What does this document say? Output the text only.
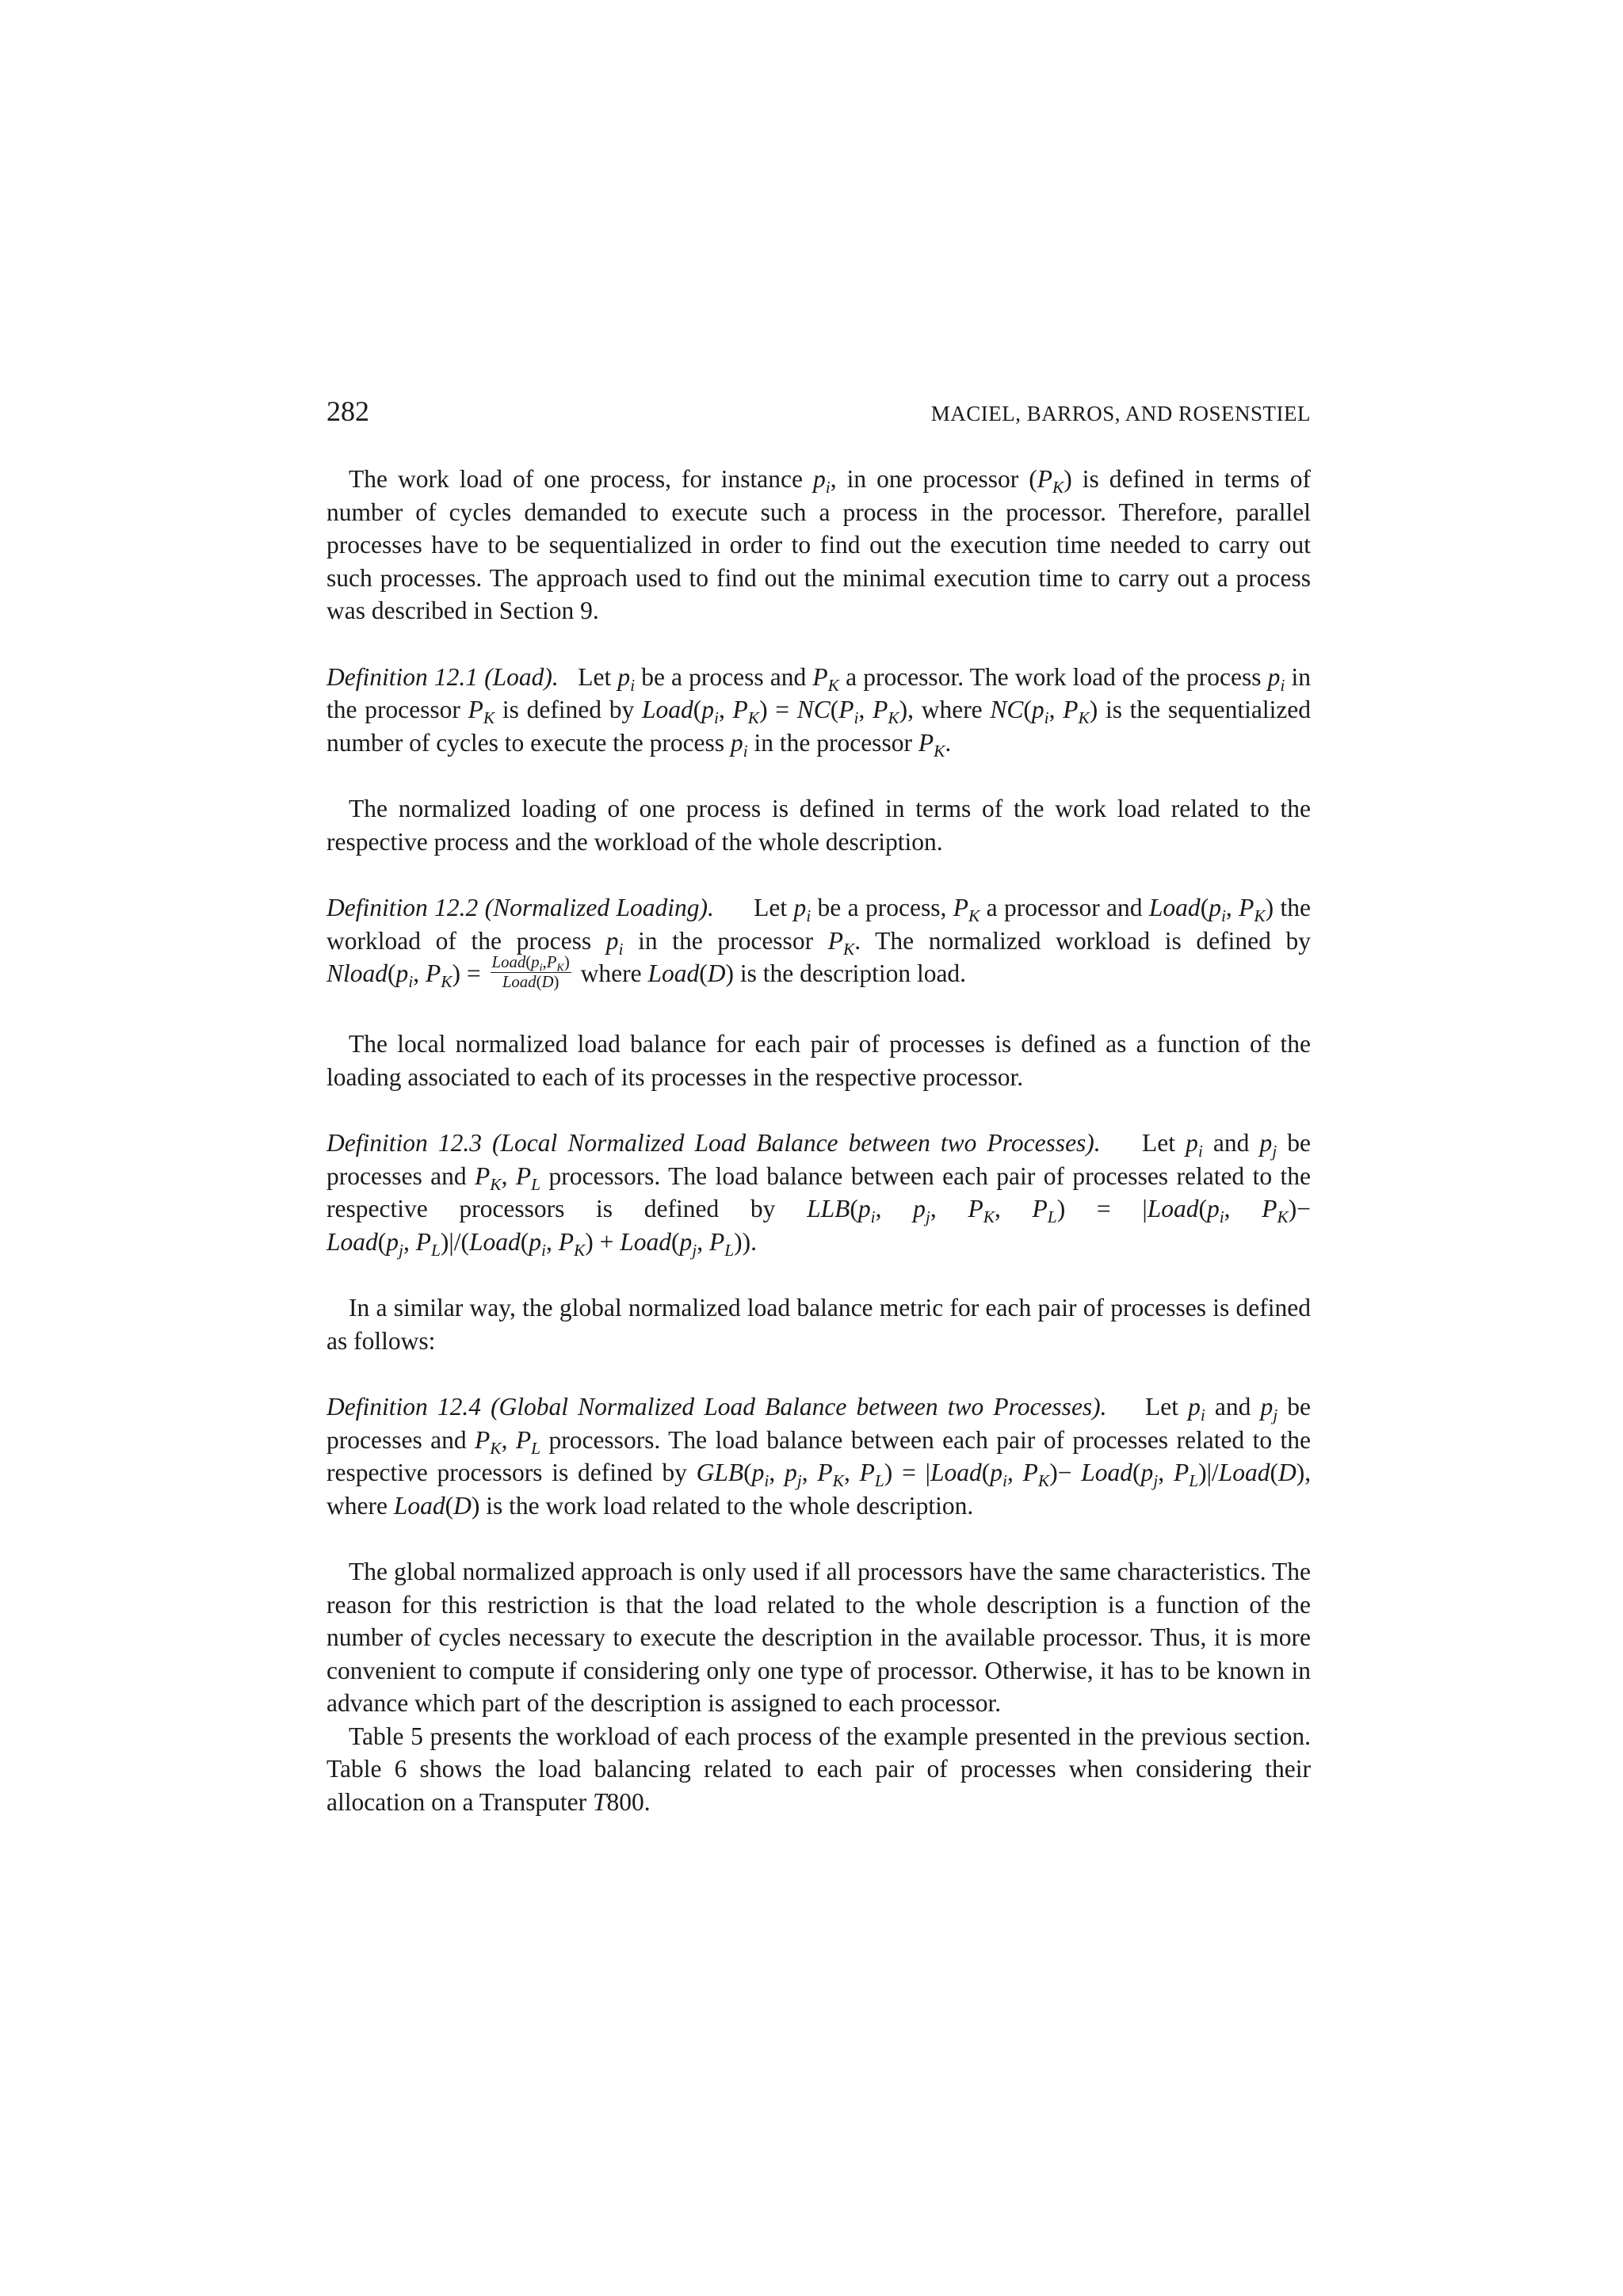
282	MACIEL, BARROS, AND ROSENSTIEL

The work load of one process, for instance $p_i$, in one processor $(P_K)$ is defined in terms of number of cycles demanded to execute such a process in the processor. Therefore, parallel processes have to be sequentialized in order to find out the execution time needed to carry out such processes. The approach used to find out the minimal execution time to carry out a process was described in Section 9.

Definition 12.1 (Load). Let $p_i$ be a process and $P_K$ a processor. The work load of the process $p_i$ in the processor $P_K$ is defined by $Load(p_i$, $P_K) = NC(P_i$, $P_K$), where $NC(p_i$, $P_K$) is the sequentialized number of cycles to execute the process $p_i$ in the processor $P_K$.

The normalized loading of one process is defined in terms of the work load related to the respective process and the workload of the whole description.

Definition 12.2 (Normalized Loading). Let $p_i$ be a process, $P_K$ a processor and $Load(p_i$, $P_K$) the workload of the process $p_i$ in the processor $P_K$. The normalized workload is defined by $Nload(p_i$, $P_K) = \frac{Load(p_i,P_K)}{\text{Load(D)}}$ where Load(D) is the description load.

The local normalized load balance for each pair of processes is defined as a function of the loading associated to each of its processes in the respective processor.

Definition 12.3 (Local Normalized Load Balance between two Processes). Let $p_i$ and $p_j$ be processes and $P_K$, $P_L$ processors. The load balance between each pair of processes related to the respective processors is defined by $LLB(p_i$, $p_j$, $P_K$, $P_L$) = $|Load(p_i$, $P_K)-$ $Load(p_j$, $P_L)|/(Load(p_i$, $P_K$) + $Load(p_j$, $P_L$)).

In a similar way, the global normalized load balance metric for each pair of processes is defined as follows:

Definition 12.4 (Global Normalized Load Balance between two Processes). Let $p_i$ and $p_j$ be processes and $P_K$, $P_L$ processors. The load balance between each pair of processes related to the respective processors is defined by $GLB(p_i$, $p_j$, $P_K$, $P_L$) = $|Load(p_i$, $P_K)-$ $Load(p_j$, $P_L)|/Load(D)$, where Load(D) is the work load related to the whole description.

The global normalized approach is only used if all processors have the same characteristics. The reason for this restriction is that the load related to the whole description is a function of the number of cycles necessary to execute the description in the available processor. Thus, it is more convenient to compute if considering only one type of processor. Otherwise, it has to be known in advance which part of the description is assigned to each processor.

Table 5 presents the workload of each process of the example presented in the previous section. Table 6 shows the load balancing related to each pair of processes when considering their allocation on a Transputer T800.
